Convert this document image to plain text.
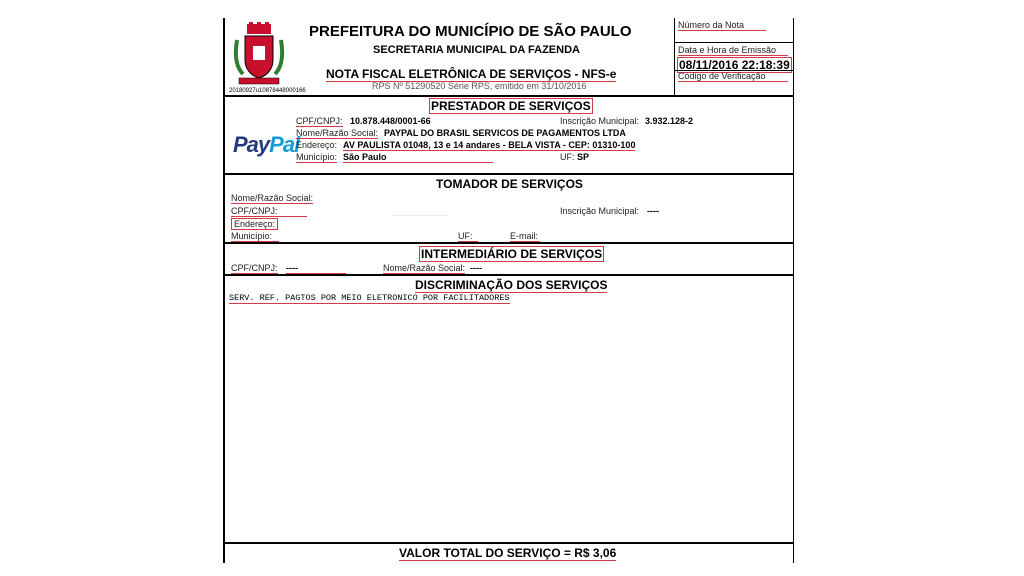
PREFEITURA DO MUNICÍPIO DE SÃO PAULO
SECRETARIA MUNICIPAL DA FAZENDA
NOTA FISCAL ELETRÔNICA DE SERVIÇOS - NFS-e
RPS Nº 51290520 Série RPS, emitido em 31/10/2016
20180927u10878448000166
Número da Nota
Data e Hora de Emissão
08/11/2016 22:18:39
Código de Verificação
PRESTADOR DE SERVIÇOS
PayPal
CPF/CNPJ: 10.878.448/0001-66	Inscrição Municipal: 3.932.128-2
Nome/Razão Social: PAYPAL DO BRASIL SERVICOS DE PAGAMENTOS LTDA
Endereço: AV PAULISTA 01048, 13 e 14 andares - BELA VISTA - CEP: 01310-100
Município: São Paulo	UF: SP
TOMADOR DE SERVIÇOS
Nome/Razão Social:
CPF/CNPJ:	Inscrição Municipal: ----
Endereço:
Município:	UF:	E-mail:
INTERMEDIÁRIO DE SERVIÇOS
CPF/CNPJ: ----	Nome/Razão Social: ----
DISCRIMINAÇÃO DOS SERVIÇOS
SERV. REF. PAGTOS POR MEIO ELETRONICO POR FACILITADORES
VALOR TOTAL DO SERVIÇO = R$ 3,06
